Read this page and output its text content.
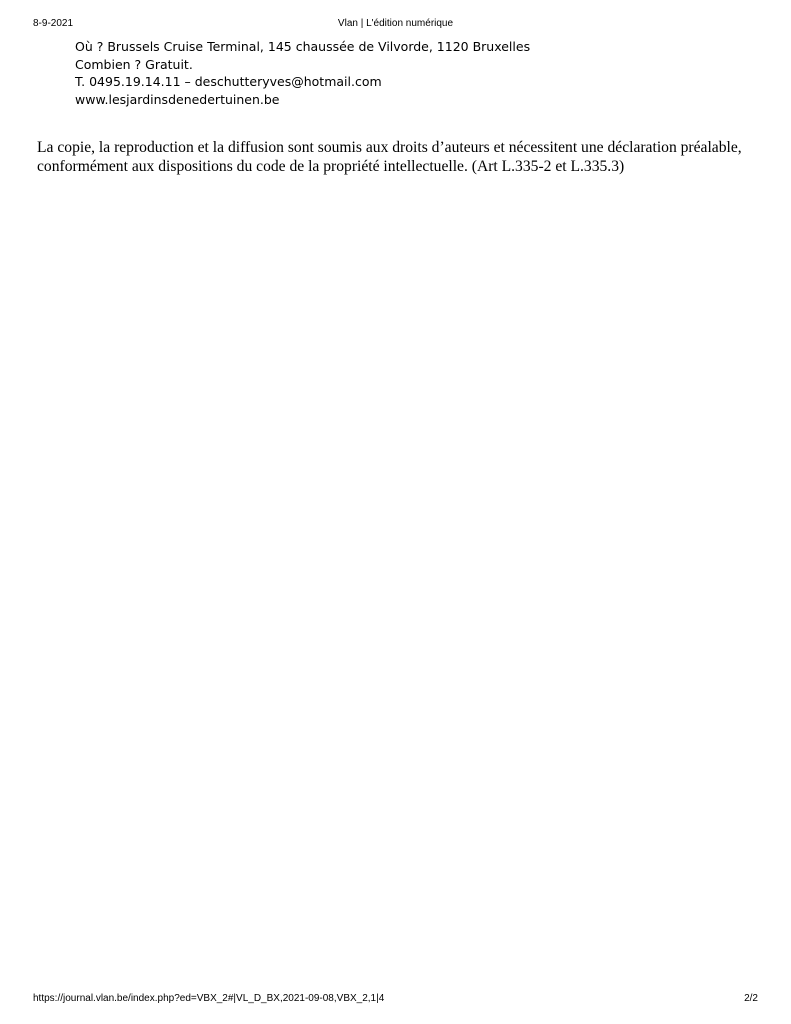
8-9-2021	Vlan | L'édition numérique
Où ? Brussels Cruise Terminal, 145 chaussée de Vilvorde, 1120 Bruxelles
Combien ? Gratuit.
T. 0495.19.14.11 – deschutteryves@hotmail.com
www.lesjardinsdenedertuinen.be
La copie, la reproduction et la diffusion sont soumis aux droits d’auteurs et nécessitent une déclaration préalable,
conformément aux dispositions du code de la propriété intellectuelle. (Art L.335-2 et L.335.3)
https://journal.vlan.be/index.php?ed=VBX_2#|VL_D_BX,2021-09-08,VBX_2,1|4	2/2
